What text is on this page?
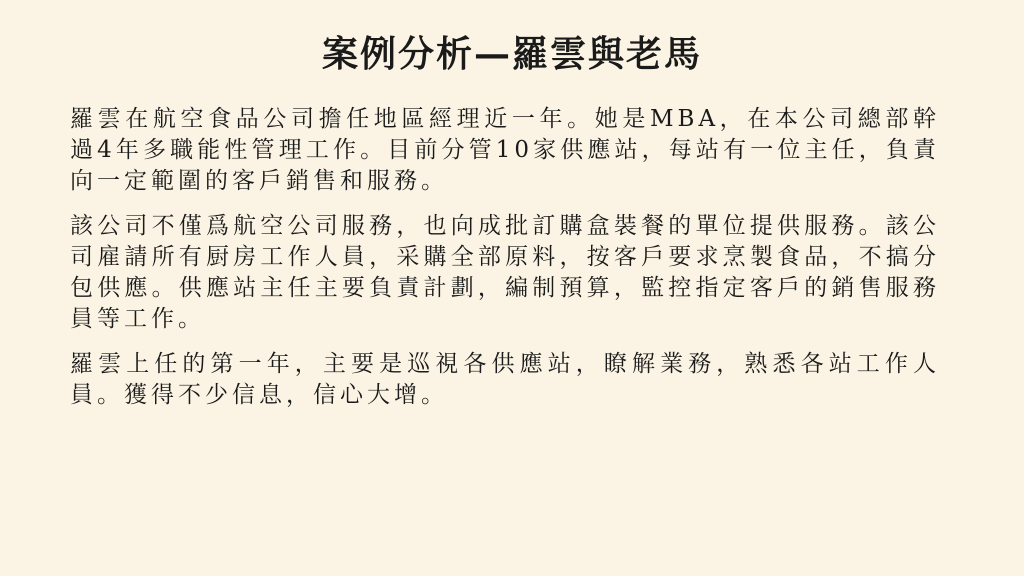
案例分析—羅雲與老馬

羅雲在航空食品公司擔任地區經理近一年。她是MBA，在本公司總部幹過4年多職能性管理工作。目前分管10家供應站，每站有一位主任，負責向一定範圍的客戶銷售和服務。

該公司不僅爲航空公司服務，也向成批訂購盒裝餐的單位提供服務。該公司雇請所有厨房工作人員，采購全部原料，按客戶要求烹製食品，不搞分包供應。供應站主任主要負責計劃，編制預算，監控指定客戶的銷售服務員等工作。

羅雲上任的第一年，主要是巡視各供應站，瞭解業務，熟悉各站工作人員。獲得不少信息，信心大增。
